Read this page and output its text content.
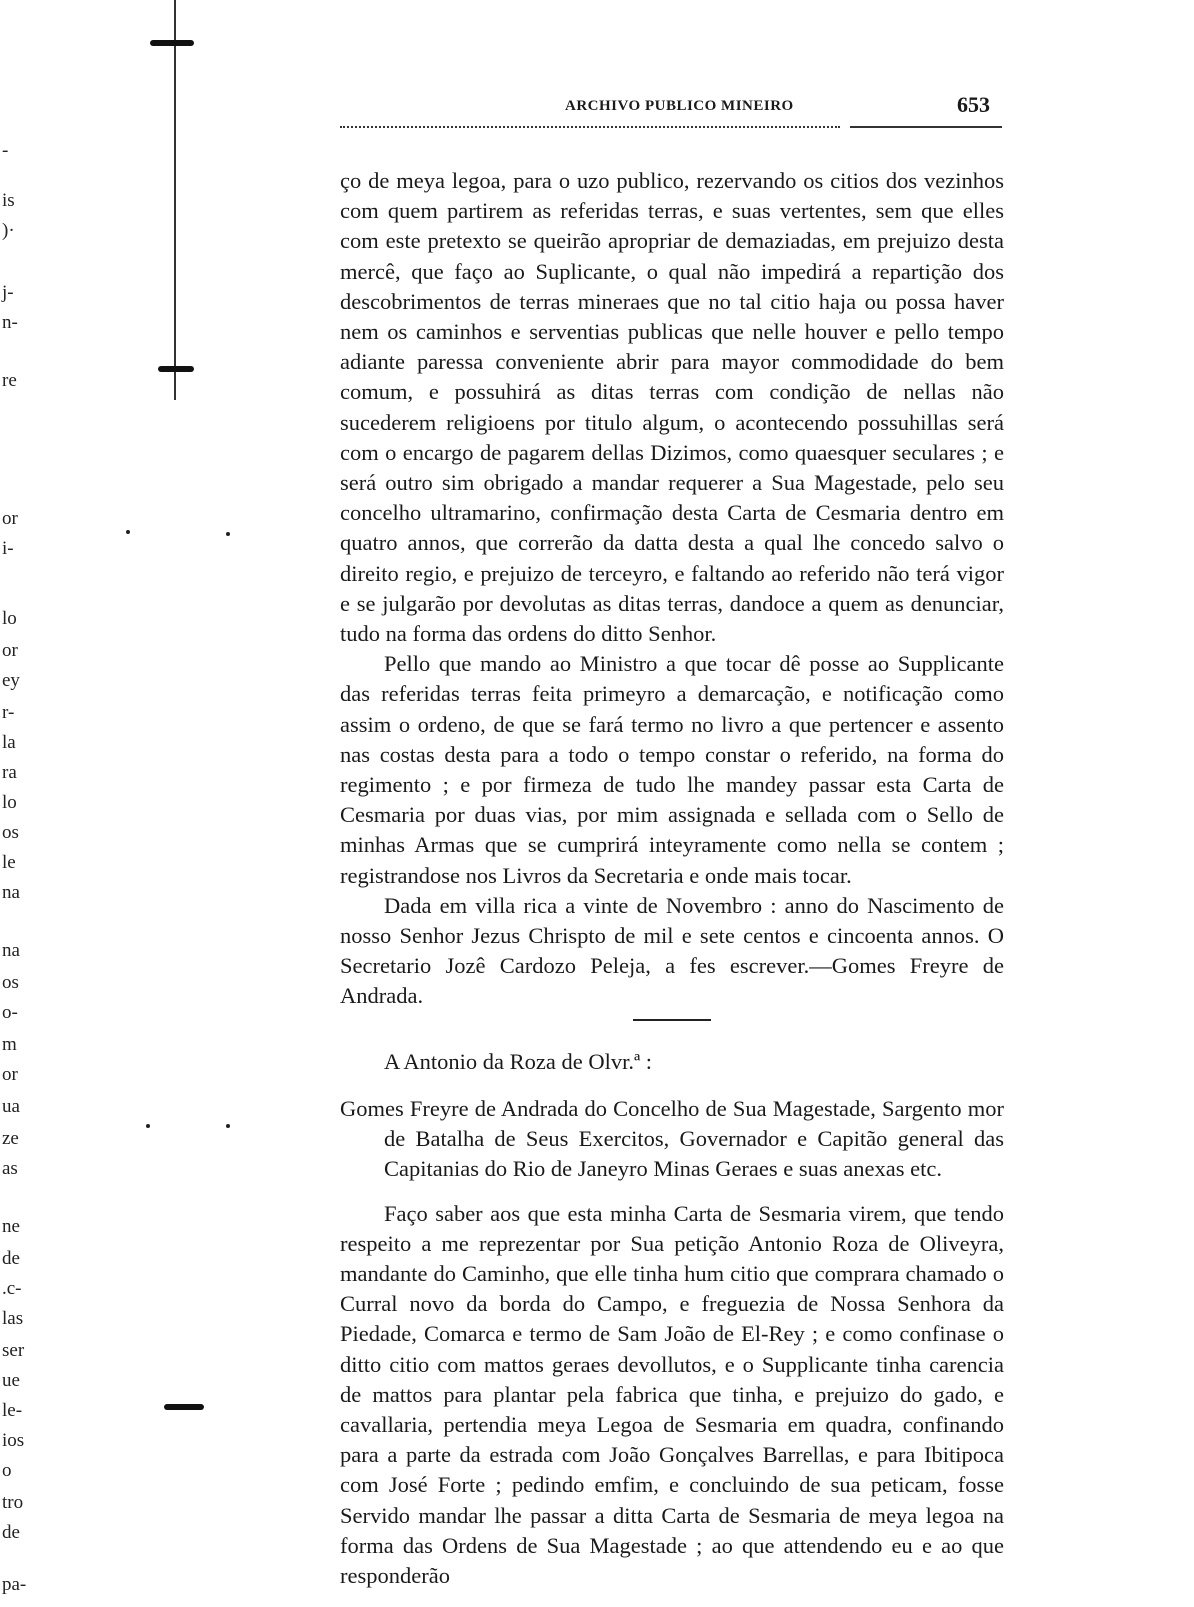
-
is
)·
j-
n-
re
or
i-
lo
or
ey
r-
la
ra
lo
os
le
na
na
os
o-
m
or
ua
ze
as
ne
de
.c-
las
ser
ue
le-
ios
o
tro
de
pa-
ARCHIVO PUBLICO MINEIRO	653

ço de meya legoa, para o uzo publico, rezervando os citios dos vezinhos com quem partirem as referidas terras, e suas vertentes, sem que elles com este pretexto se queirão apropriar de demaziadas, em prejuizo desta mercê, que faço ao Suplicante, o qual não impedirá a repartição dos descobrimentos de terras mineraes que no tal citio haja ou possa haver nem os caminhos e serventias publicas que nelle houver e pello tempo adiante paressa conveniente abrir para mayor commodidade do bem comum, e possuhirá as ditas terras com condição de nellas não sucederem religioens por titulo algum, o acontecendo possuhillas será com o encargo de pagarem dellas Dizimos, como quaesquer seculares ; e será outro sim obrigado a mandar requerer a Sua Magestade, pelo seu concelho ultramarino, confirmação desta Carta de Cesmaria dentro em quatro annos, que correrão da datta desta a qual lhe concedo salvo o direito regio, e prejuizo de terceyro, e faltando ao referido não terá vigor e se julgarão por devolutas as ditas terras, dandoce a quem as denunciar, tudo na forma das ordens do ditto Senhor.

Pello que mando ao Ministro a que tocar dê posse ao Supplicante das referidas terras feita primeyro a demarcação, e notificação como assim o ordeno, de que se fará termo no livro a que pertencer e assento nas costas desta para a todo o tempo constar o referido, na forma do regimento ; e por firmeza de tudo lhe mandey passar esta Carta de Cesmaria por duas vias, por mim assignada e sellada com o Sello de minhas Armas que se cumprirá inteyramente como nella se contem ; registrandose nos Livros da Secretaria e onde mais tocar.

Dada em villa rica a vinte de Novembro : anno do Nascimento de nosso Senhor Jezus Chrispto de mil e sete centos e cincoenta annos. O Secretario Jozê Cardozo Peleja, a fes escrever.—Gomes Freyre de Andrada.

A Antonio da Roza de Olvr.ª :

Gomes Freyre de Andrada do Concelho de Sua Magestade, Sargento mor de Batalha de Seus Exercitos, Governador e Capitão general das Capitanias do Rio de Janeyro Minas Geraes e suas anexas etc.

Faço saber aos que esta minha Carta de Sesmaria virem, que tendo respeito a me reprezentar por Sua petição Antonio Roza de Oliveyra, mandante do Caminho, que elle tinha hum citio que comprara chamado o Curral novo da borda do Campo, e freguezia de Nossa Senhora da Piedade, Comarca e termo de Sam João de El-Rey ; e como confinase o ditto citio com mattos geraes devollutos, e o Supplicante tinha carencia de mattos para plantar pela fabrica que tinha, e prejuizo do gado, e cavallaria, pertendia meya Legoa de Sesmaria em quadra, confinando para a parte da estrada com João Gonçalves Barrellas, e para Ibitipoca com José Forte ; pedindo emfim, e concluindo de sua peticam, fosse Servido mandar lhe passar a ditta Carta de Sesmaria de meya legoa na forma das Ordens de Sua Magestade ; ao que attendendo eu e ao que responderão
